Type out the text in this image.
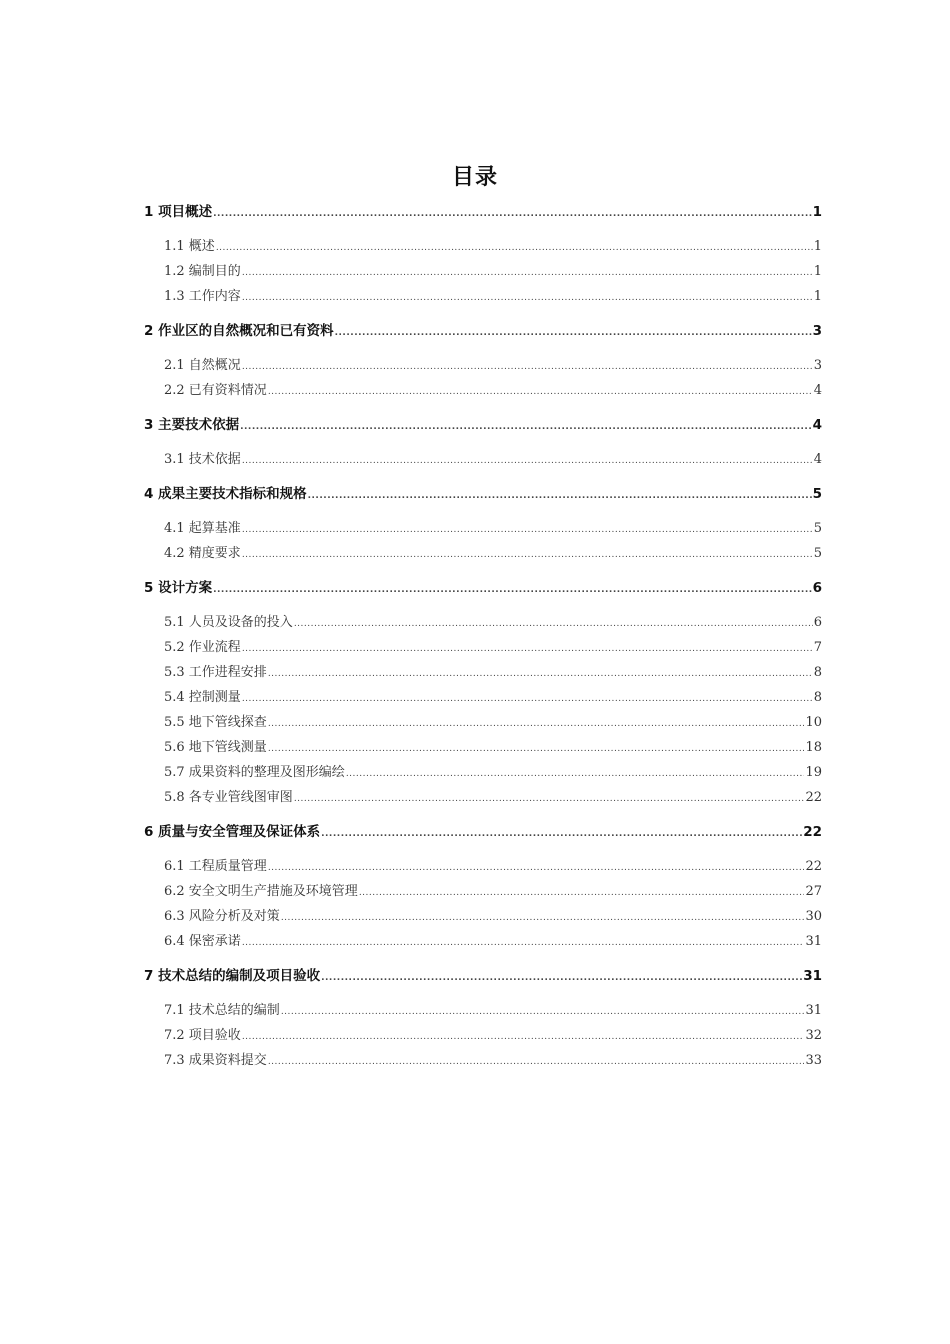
目录
1 项目概述 .....	1
1.1 概述 .....	1
1.2 编制目的 .....	1
1.3 工作内容 .....	1
2 作业区的自然概况和已有资料 .....	3
2.1 自然概况 .....	3
2.2 已有资料情况 .....	4
3 主要技术依据 .....	4
3.1 技术依据 .....	4
4 成果主要技术指标和规格 .....	5
4.1 起算基准 .....	5
4.2 精度要求 .....	5
5 设计方案 .....	6
5.1 人员及设备的投入 .....	6
5.2 作业流程 .....	7
5.3 工作进程安排 .....	8
5.4 控制测量 .....	8
5.5 地下管线探查 .....	10
5.6 地下管线测量 .....	18
5.7 成果资料的整理及图形编绘 .....	19
5.8 各专业管线图审图 .....	22
6 质量与安全管理及保证体系 .....	22
6.1 工程质量管理 .....	22
6.2 安全文明生产措施及环境管理 .....	27
6.3 风险分析及对策 .....	30
6.4 保密承诺 .....	31
7 技术总结的编制及项目验收 .....	31
7.1 技术总结的编制 .....	31
7.2 项目验收 .....	32
7.3 成果资料提交 .....	33
